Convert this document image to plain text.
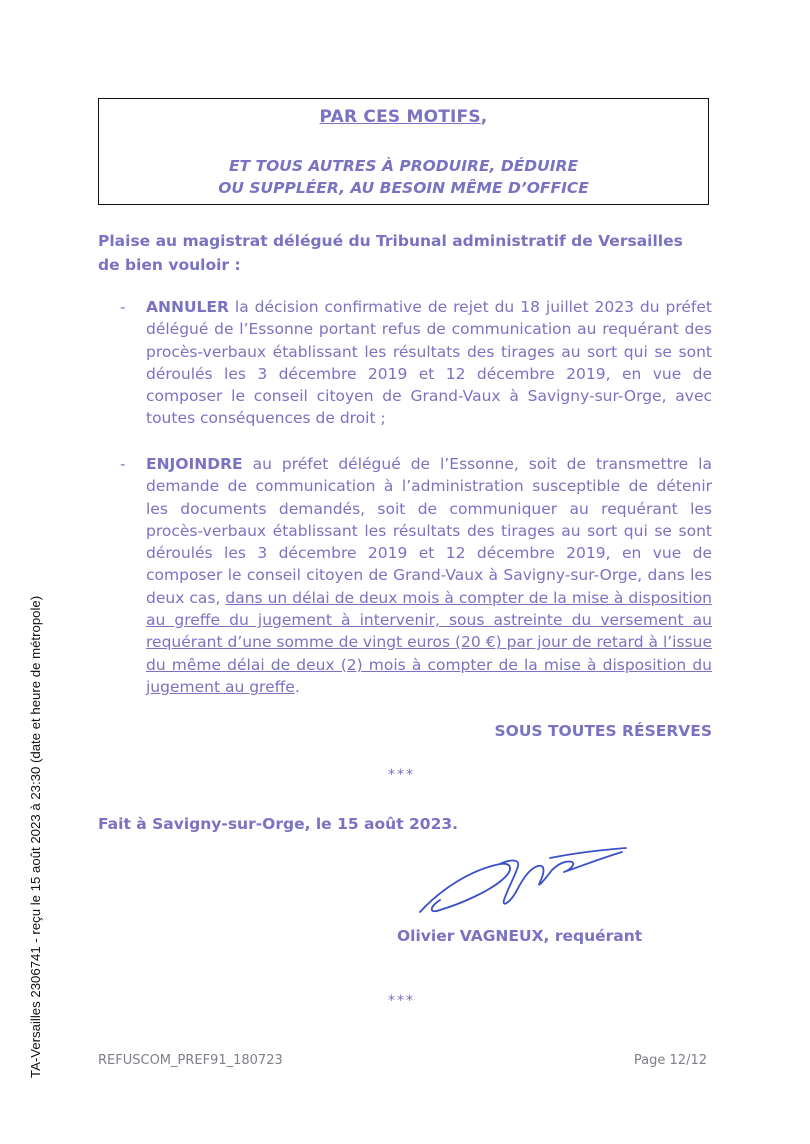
PAR CES MOTIFS,
ET TOUS AUTRES À PRODUIRE, DÉDUIRE
OU SUPPLÉER, AU BESOIN MÊME D’OFFICE
Plaise au magistrat délégué du Tribunal administratif de Versailles
de bien vouloir :
- ANNULER la décision confirmative de rejet du 18 juillet 2023 du préfet délégué de l’Essonne portant refus de communication au requérant des procès-verbaux établissant les résultats des tirages au sort qui se sont déroulés les 3 décembre 2019 et 12 décembre 2019, en vue de composer le conseil citoyen de Grand-Vaux à Savigny-sur-Orge, avec toutes conséquences de droit ;
- ENJOINDRE au préfet délégué de l’Essonne, soit de transmettre la demande de communication à l’administration susceptible de détenir les documents demandés, soit de communiquer au requérant les procès-verbaux établissant les résultats des tirages au sort qui se sont déroulés les 3 décembre 2019 et 12 décembre 2019, en vue de composer le conseil citoyen de Grand-Vaux à Savigny-sur-Orge, dans les deux cas, dans un délai de deux mois à compter de la mise à disposition au greffe du jugement à intervenir, sous astreinte du versement au requérant d’une somme de vingt euros (20 €) par jour de retard à l’issue du même délai de deux (2) mois à compter de la mise à disposition du jugement au greffe.
SOUS TOUTES RÉSERVES
***
Fait à Savigny-sur-Orge, le 15 août 2023.
Olivier VAGNEUX, requérant
***
REFUSCOM_PREF91_180723	Page 12/12
TA-Versailles 2306741 - reçu le 15 août 2023 à 23:30 (date et heure de métropole)
